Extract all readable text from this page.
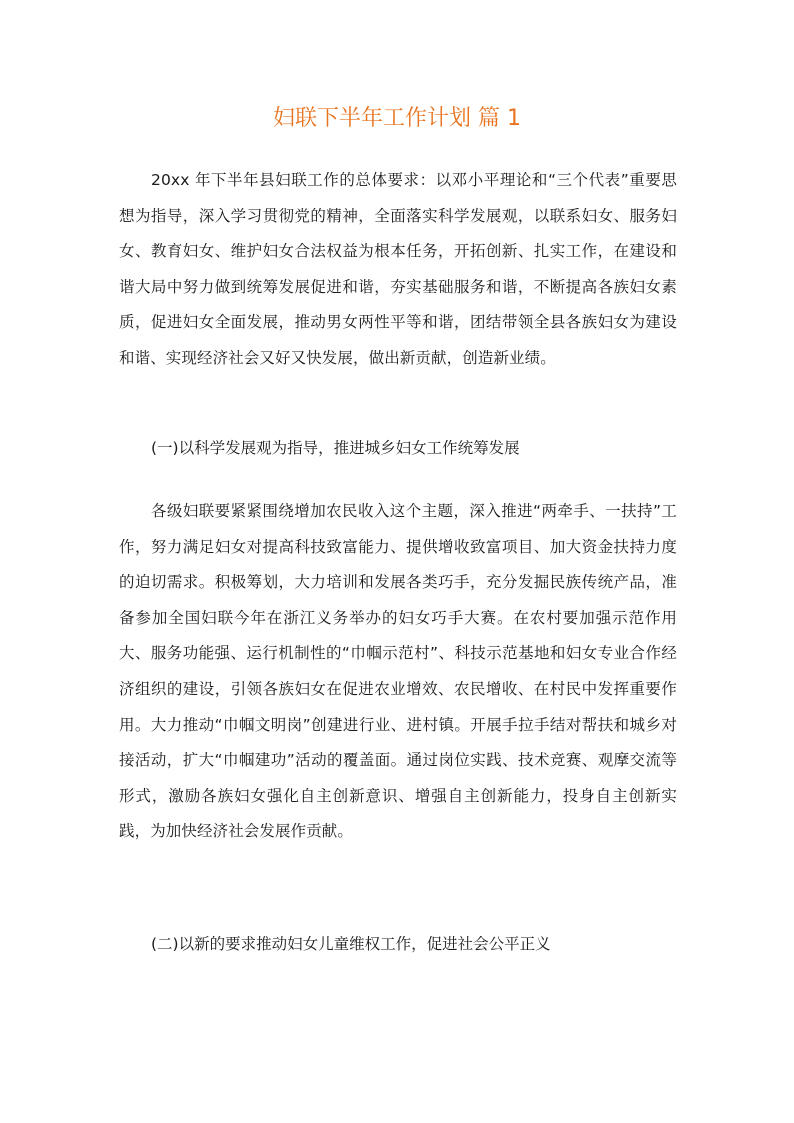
妇联下半年工作计划 篇 1

20xx 年下半年县妇联工作的总体要求：以邓小平理论和“三个代表”重要思想为指导，深入学习贯彻党的精神，全面落实科学发展观，以联系妇女、服务妇女、教育妇女、维护妇女合法权益为根本任务，开拓创新、扎实工作，在建设和谐大局中努力做到统筹发展促进和谐，夯实基础服务和谐，不断提高各族妇女素质，促进妇女全面发展，推动男女两性平等和谐，团结带领全县各族妇女为建设和谐、实现经济社会又好又快发展，做出新贡献，创造新业绩。

(一)以科学发展观为指导，推进城乡妇女工作统筹发展

各级妇联要紧紧围绕增加农民收入这个主题，深入推进“两牵手、一扶持”工作，努力满足妇女对提高科技致富能力、提供增收致富项目、加大资金扶持力度的迫切需求。积极筹划，大力培训和发展各类巧手，充分发掘民族传统产品，准备参加全国妇联今年在浙江义务举办的妇女巧手大赛。在农村要加强示范作用大、服务功能强、运行机制性的“巾帼示范村”、科技示范基地和妇女专业合作经济组织的建设，引领各族妇女在促进农业增效、农民增收、在村民中发挥重要作用。大力推动“巾帼文明岗”创建进行业、进村镇。开展手拉手结对帮扶和城乡对接活动，扩大“巾帼建功”活动的覆盖面。通过岗位实践、技术竞赛、观摩交流等形式，激励各族妇女强化自主创新意识、增强自主创新能力，投身自主创新实践，为加快经济社会发展作贡献。

(二)以新的要求推动妇女儿童维权工作，促进社会公平正义
